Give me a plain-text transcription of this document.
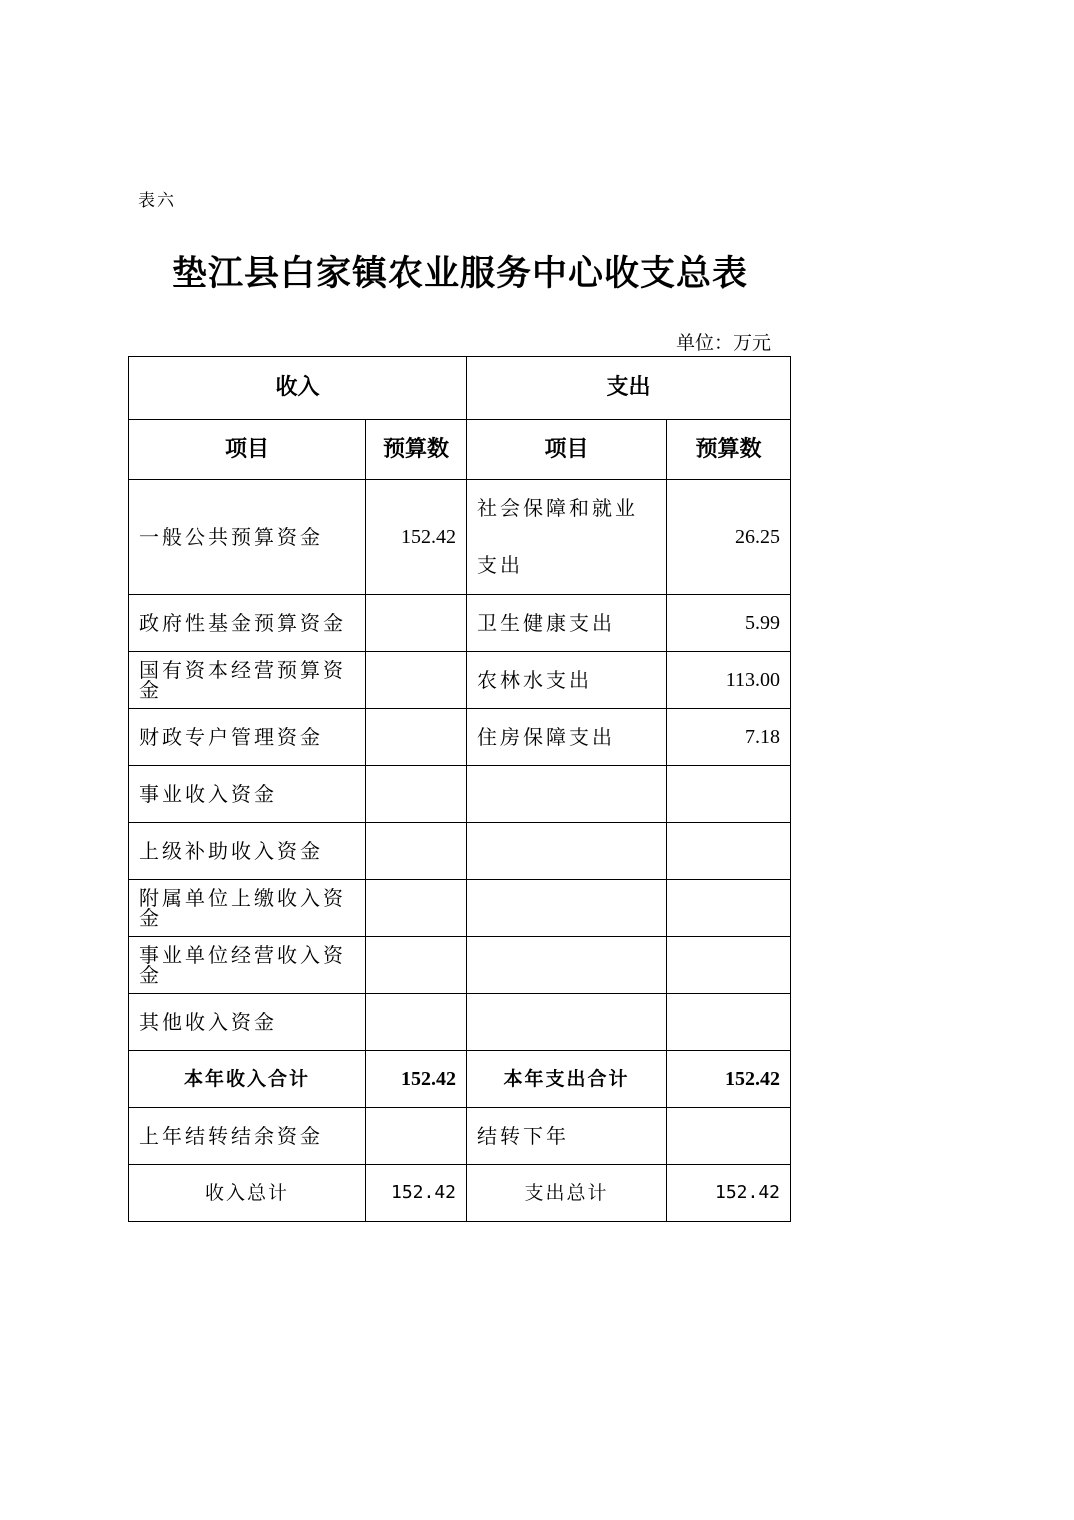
表六
垫江县白家镇农业服务中心收支总表
单位：万元
收入		支出	
项目	预算数	项目	预算数
一般公共预算资金	152.42	社会保障和就业支出	26.25
政府性基金预算资金		卫生健康支出	5.99
国有资本经营预算资金		农林水支出	113.00
财政专户管理资金		住房保障支出	7.18
事业收入资金			
上级补助收入资金			
附属单位上缴收入资金			
事业单位经营收入资金			
其他收入资金			
本年收入合计	152.42	本年支出合计	152.42
上年结转结余资金		结转下年	
收入总计	152.42	支出总计	152.42
